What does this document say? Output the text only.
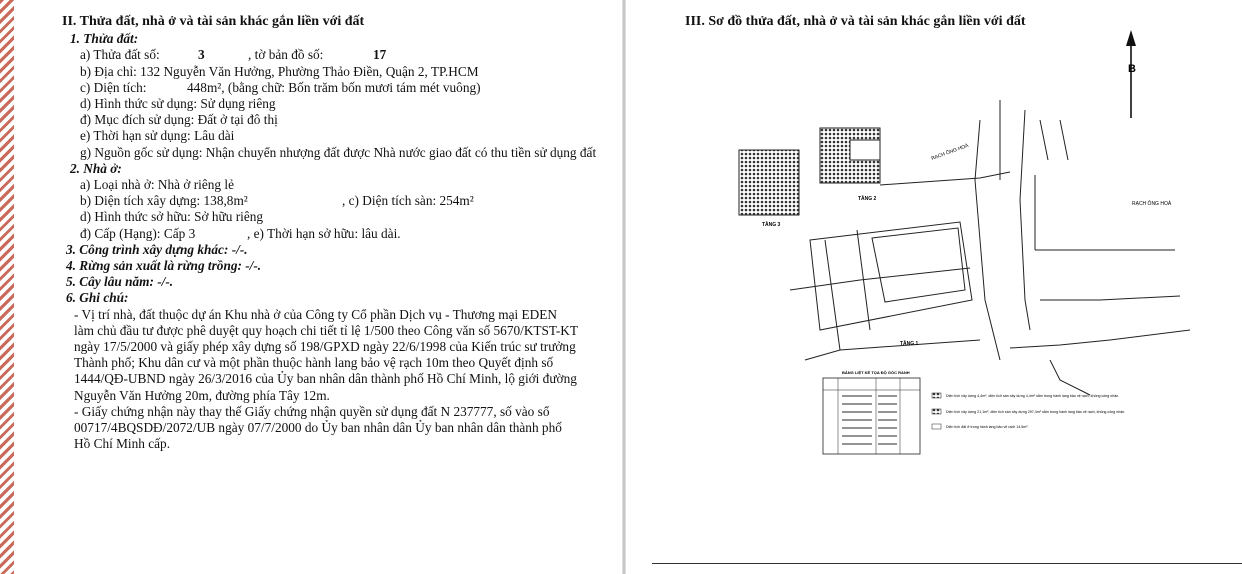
II. Thửa đất, nhà ở và tài sản khác gắn liền với đất
1. Thửa đất:
a) Thửa đất số:	3	, tờ bản đồ số:	17
b) Địa chỉ: 132 Nguyễn Văn Hưởng, Phường Thảo Điền, Quận 2, TP.HCM
c) Diện tích:	448m², (bằng chữ: Bốn trăm bốn mươi tám mét vuông)
d) Hình thức sử dụng: Sử dụng riêng
đ) Mục đích sử dụng: Đất ở tại đô thị
e) Thời hạn sử dụng: Lâu dài
g) Nguồn gốc sử dụng: Nhận chuyển nhượng đất được Nhà nước giao đất có thu tiền sử dụng đất
2. Nhà ở:
a) Loại nhà ở: Nhà ở riêng lẻ
b) Diện tích xây dựng: 138,8m²	, c) Diện tích sàn: 254m²
d) Hình thức sở hữu: Sở hữu riêng
đ) Cấp (Hạng): Cấp 3	, e) Thời hạn sở hữu: lâu dài.
3. Công trình xây dựng khác: -/-.
4. Rừng sản xuất là rừng trồng: -/-.
5. Cây lâu năm: -/-.
6. Ghi chú:
- Vị trí nhà, đất thuộc dự án Khu nhà ở của Công ty Cổ phần Dịch vụ - Thương mại EDEN làm chủ đầu tư được phê duyệt quy hoạch chi tiết tỉ lệ 1/500 theo Công văn số 5670/KTST-KT ngày 17/5/2000 và giấy phép xây dựng số 198/GPXD ngày 22/6/1998 của Kiến trúc sư trưởng Thành phố; Khu dân cư và một phần thuộc hành lang bảo vệ rạch 10m theo Quyết định số 1444/QĐ-UBND ngày 26/3/2016 của Ủy ban nhân dân thành phố Hồ Chí Minh, lộ giới đường Nguyễn Văn Hưởng 20m, đường phía Tây 12m.
- Giấy chứng nhận này thay thế Giấy chứng nhận quyền sử dụng đất N 237777, số vào sổ 00717/4BQSDĐ/2072/UB ngày 07/7/2000 do Ủy ban nhân dân Ủy ban nhân dân thành phố Hồ Chí Minh cấp.
III. Sơ đồ thửa đất, nhà ở và tài sản khác gắn liền với đất
B
RẠCH ÔNG HOÀ
RẠCH ÔNG HOÀ
TẦNG 2
TẦNG 3
TẦNG 1
BẢNG LIỆT KÊ TỌA ĐỘ GÓC RANH
Diện tích xây dựng 4,4m², diện tích sàn xây dựng 4,4m² nằm trong hành lang bảo vệ rạch, không công nhận.
Diện tích xây dựng 21,1m², diện tích sàn xây dựng 297,4m² nằm trong hành lang bảo vệ rạch, không công nhận.
Diện tích đất ở trong hành lang bảo vệ rạch 14,5m².
